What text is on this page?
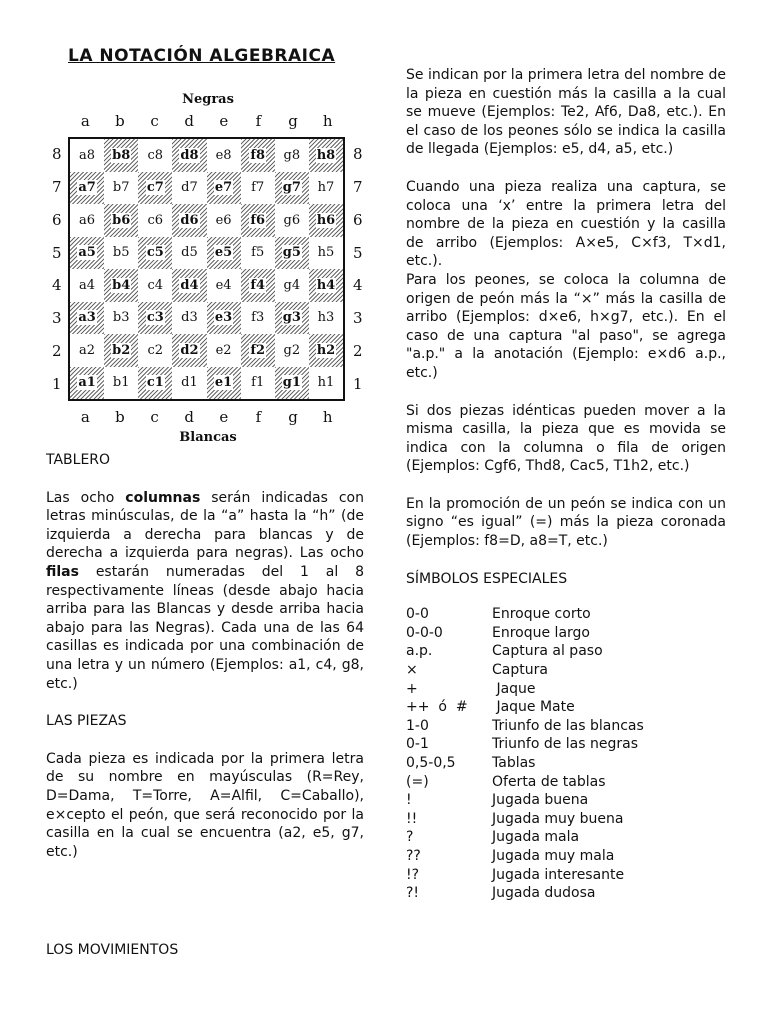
LA NOTACIÓN ALGEBRAICA
Negras
a	b	c	d	e	f	g	h
8
7
6
5
4
3
2
1
a8 b8 c8 d8 e8 f8 g8 h8
a7 b7 c7 d7 e7 f7 g7 h7
a6 b6 c6 d6 e6 f6 g6 h6
a5 b5 c5 d5 e5 f5 g5 h5
a4 b4 c4 d4 e4 f4 g4 h4
a3 b3 c3 d3 e3 f3 g3 h3
a2 b2 c2 d2 e2 f2 g2 h2
a1 b1 c1 d1 e1 f1 g1 h1
8
7
6
5
4
3
2
1
a	b	c	d	e	f	g	h
Blancas

TABLERO

Las ocho columnas serán indicadas con letras minúsculas, de la “a” hasta la “h” (de izquierda a derecha para blancas y de derecha a izquierda para negras). Las ocho filas estarán numeradas del 1 al 8 respectivamente líneas (desde abajo hacia arriba para las Blancas y desde arriba hacia abajo para las Negras). Cada una de las 64 casillas es indicada por una combinación de una letra y un número (Ejemplos: a1, c4, g8, etc.)

LAS PIEZAS

Cada pieza es indicada por la primera letra de su nombre en mayúsculas (R=Rey, D=Dama, T=Torre, A=Alfil, C=Caballo), e×cepto el peón, que será reconocido por la casilla en la cual se encuentra (a2, e5, g7, etc.)

LOS MOVIMIENTOS

Se indican por la primera letra del nombre de la pieza en cuestión más la casilla a la cual se mueve (Ejemplos: Te2, Af6, Da8, etc.). En el caso de los peones sólo se indica la casilla de llegada (Ejemplos: e5, d4, a5, etc.)

Cuando una pieza realiza una captura, se coloca una ‘x’ entre la primera letra del nombre de la pieza en cuestión y la casilla de arribo (Ejemplos: A×e5, C×f3, T×d1, etc.).

Para los peones, se coloca la columna de origen de peón más la “×” más la casilla de arribo (Ejemplos: d×e6, h×g7, etc.). En el caso de una captura "al paso", se agrega "a.p." a la anotación (Ejemplo: e×d6 a.p., etc.)

Si dos piezas idénticas pueden mover a la misma casilla, la pieza que es movida se indica con la columna o fila de origen (Ejemplos: Cgf6, Thd8, Cac5, T1h2, etc.)

En la promoción de un peón se indica con un signo “es igual” (=) más la pieza coronada (Ejemplos: f8=D, a8=T, etc.)

SÍMBOLOS ESPECIALES

0-0	Enroque corto
0-0-0	Enroque largo
a.p.	Captura al paso
×	Captura
+	Jaque
++  ó  #	Jaque Mate
1-0	Triunfo de las blancas
0-1	Triunfo de las negras
0,5-0,5	Tablas
(=)	Oferta de tablas
!	Jugada buena
!!	Jugada muy buena
?	Jugada mala
??	Jugada muy mala
!?	Jugada interesante
?!	Jugada dudosa
